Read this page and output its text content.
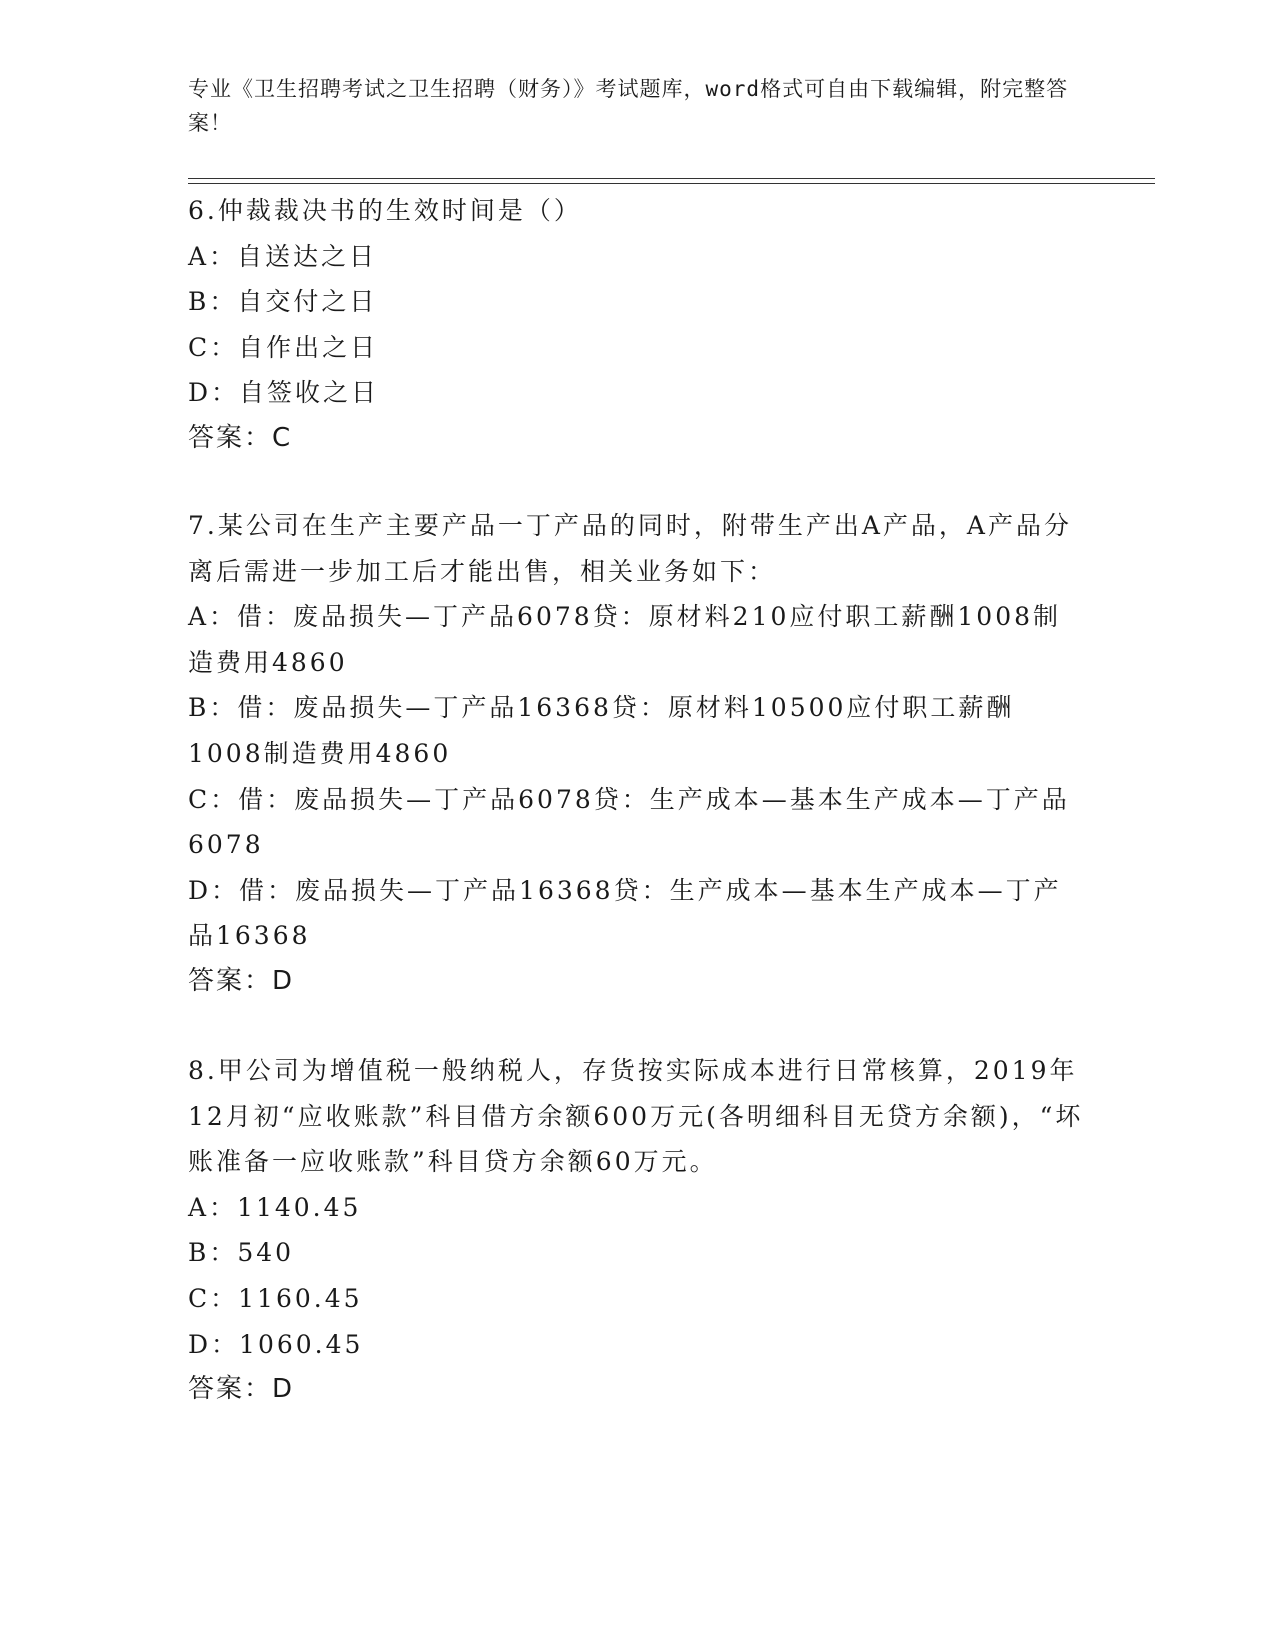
专业《卫生招聘考试之卫生招聘（财务）》考试题库，word格式可自由下载编辑，附完整答案！
6.仲裁裁决书的生效时间是（）
A：自送达之日
B：自交付之日
C：自作出之日
D：自签收之日
答案：C
7.某公司在生产主要产品一丁产品的同时，附带生产出A产品，A产品分离后需进一步加工后才能出售，相关业务如下：
A：借：废品损失—丁产品6078贷：原材料210应付职工薪酬1008制造费用4860
B：借：废品损失—丁产品16368贷：原材料10500应付职工薪酬1008制造费用4860
C：借：废品损失—丁产品6078贷：生产成本—基本生产成本—丁产品6078
D：借：废品损失—丁产品16368贷：生产成本—基本生产成本—丁产品16368
答案：D
8.甲公司为增值税一般纳税人，存货按实际成本进行日常核算，2019年12月初“应收账款”科目借方余额600万元(各明细科目无贷方余额)，“坏账准备一应收账款”科目贷方余额60万元。
A：1140.45
B：540
C：1160.45
D：1060.45
答案：D
